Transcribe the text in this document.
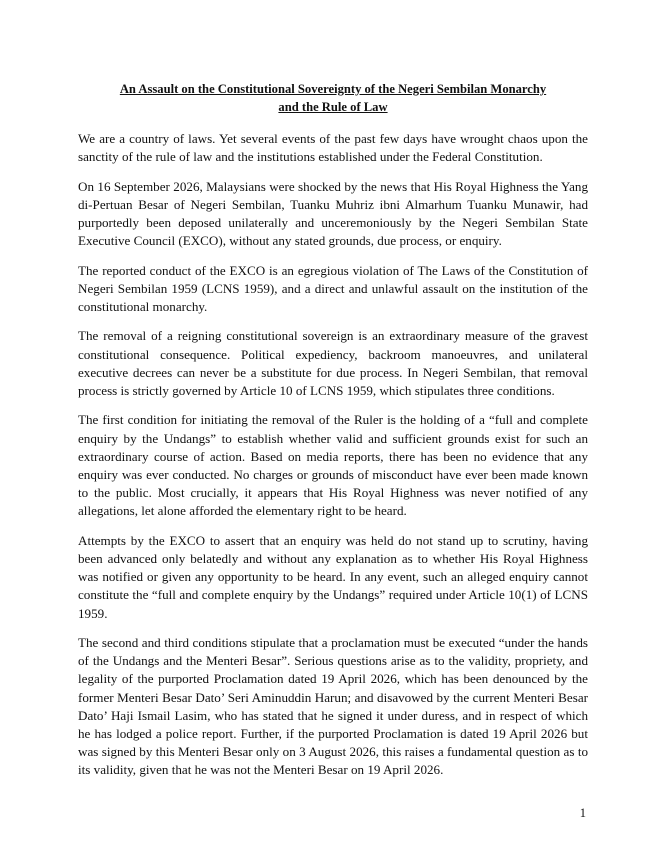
An Assault on the Constitutional Sovereignty of the Negeri Sembilan Monarchy
and the Rule of Law

We are a country of laws. Yet several events of the past few days have wrought chaos upon the sanctity of the rule of law and the institutions established under the Federal Constitution.

On 16 September 2026, Malaysians were shocked by the news that His Royal Highness the Yang di-Pertuan Besar of Negeri Sembilan, Tuanku Muhriz ibni Almarhum Tuanku Munawir, had purportedly been deposed unilaterally and unceremoniously by the Negeri Sembilan State Executive Council (EXCO), without any stated grounds, due process, or enquiry.

The reported conduct of the EXCO is an egregious violation of The Laws of the Constitution of Negeri Sembilan 1959 (LCNS 1959), and a direct and unlawful assault on the institution of the constitutional monarchy.

The removal of a reigning constitutional sovereign is an extraordinary measure of the gravest constitutional consequence. Political expediency, backroom manoeuvres, and unilateral executive decrees can never be a substitute for due process. In Negeri Sembilan, that removal process is strictly governed by Article 10 of LCNS 1959, which stipulates three conditions.

The first condition for initiating the removal of the Ruler is the holding of a “full and complete enquiry by the Undangs” to establish whether valid and sufficient grounds exist for such an extraordinary course of action. Based on media reports, there has been no evidence that any enquiry was ever conducted. No charges or grounds of misconduct have ever been made known to the public. Most crucially, it appears that His Royal Highness was never notified of any allegations, let alone afforded the elementary right to be heard.

Attempts by the EXCO to assert that an enquiry was held do not stand up to scrutiny, having been advanced only belatedly and without any explanation as to whether His Royal Highness was notified or given any opportunity to be heard. In any event, such an alleged enquiry cannot constitute the “full and complete enquiry by the Undangs” required under Article 10(1) of LCNS 1959.

The second and third conditions stipulate that a proclamation must be executed “under the hands of the Undangs and the Menteri Besar”. Serious questions arise as to the validity, propriety, and legality of the purported Proclamation dated 19 April 2026, which has been denounced by the former Menteri Besar Dato’ Seri Aminuddin Harun; and disavowed by the current Menteri Besar Dato’ Haji Ismail Lasim, who has stated that he signed it under duress, and in respect of which he has lodged a police report. Further, if the purported Proclamation is dated 19 April 2026 but was signed by this Menteri Besar only on 3 August 2026, this raises a fundamental question as to its validity, given that he was not the Menteri Besar on 19 April 2026.

1
